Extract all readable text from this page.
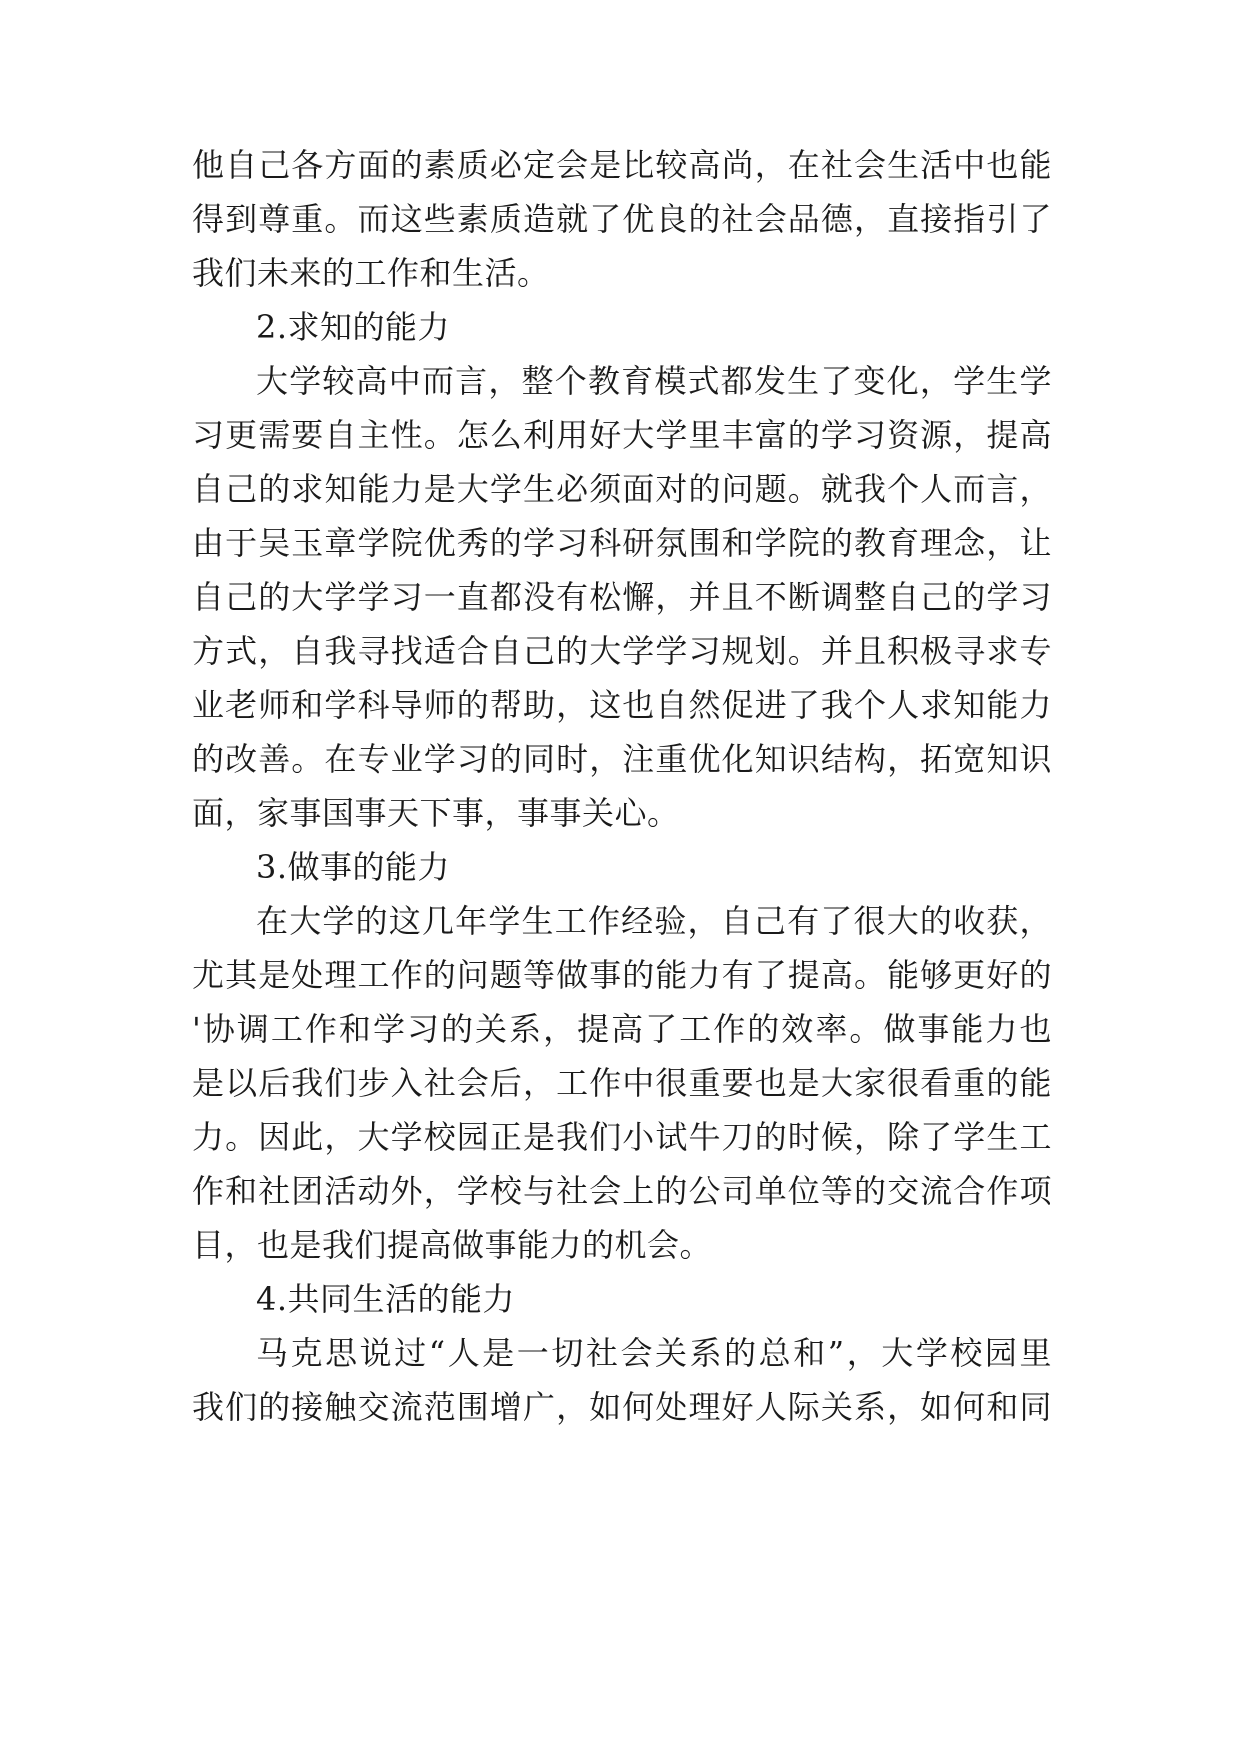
他自己各方面的素质必定会是比较高尚，在社会生活中也能
得到尊重。而这些素质造就了优良的社会品德，直接指引了
我们未来的工作和生活。
2.求知的能力
大学较高中而言，整个教育模式都发生了变化，学生学
习更需要自主性。怎么利用好大学里丰富的学习资源，提高
自己的求知能力是大学生必须面对的问题。就我个人而言，
由于吴玉章学院优秀的学习科研氛围和学院的教育理念，让
自己的大学学习一直都没有松懈，并且不断调整自己的学习
方式，自我寻找适合自己的大学学习规划。并且积极寻求专
业老师和学科导师的帮助，这也自然促进了我个人求知能力
的改善。在专业学习的同时，注重优化知识结构，拓宽知识
面，家事国事天下事，事事关心。
3.做事的能力
在大学的这几年学生工作经验，自己有了很大的收获，
尤其是处理工作的问题等做事的能力有了提高。能够更好的
'协调工作和学习的关系，提高了工作的效率。做事能力也
是以后我们步入社会后，工作中很重要也是大家很看重的能
力。因此，大学校园正是我们小试牛刀的时候，除了学生工
作和社团活动外，学校与社会上的公司单位等的交流合作项
目，也是我们提高做事能力的机会。
4.共同生活的能力
马克思说过“人是一切社会关系的总和”，大学校园里
我们的接触交流范围增广，如何处理好人际关系，如何和同
